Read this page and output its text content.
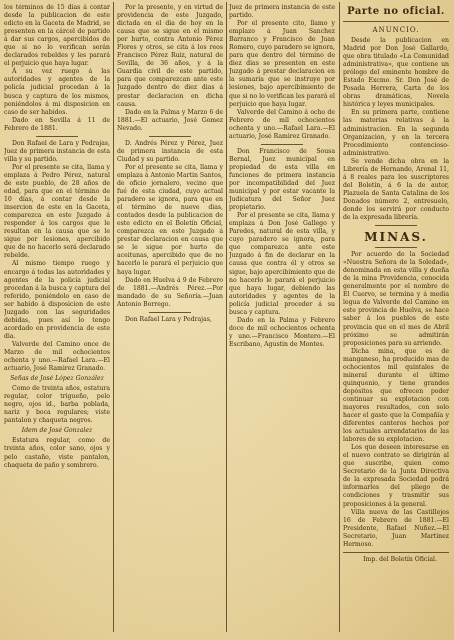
los términos de 15 días á contar desde la publicacion de este edicto en la Gaceta de Madrid, se presenten en la cárcel de partido á dar sus cargos, apercibidos de que si no lo verifican serán declarados rebeldes y les parará el perjuicio que haya lugar.

Á su vez ruego á las autoridades y agentes de la policía judicial procedan á la busca y captura de los mismos, poniéndolos á mi disposicion en caso de ser habidos.

Dado en Sevilla á 11 de Febrero de 1881.

Don Rafael de Lara y Pedrajas, Juez de primera instancia de esta villa y su partido.

Por el presente se cita, llama y emplaza á Pedro Pérez, natural de este pueblo, de 28 años de edad, para que en el término de 10 días, á contar desde la insercion de este en la Gaceta, comparezca en este Juzgado á responder á los cargos que le resultan en la causa que se le sigue por lesiones, apercibido que de no hacerlo será declarado rebelde.

Al mismo tiempo ruego y encargo á todas las autoridades y agentes de la policía judicial procedan á la busca y captura del referido, poniéndolo en caso de ser habido á disposicion de este Juzgado con las seguridades debidas, pues así lo tengo acordado en providencia de este dia.

Valverde del Camino once de Marzo de mil ochocientos ochenta y uno.—Rafael Lara.—El actuario, José Ramirez Granado.

Señas de José López González

Como de treinta años, estatura regular, color trigueño, pelo negro, ojos id., barba poblada, nariz y boca regulares; viste pantalon y chaqueta negros.

Idem de José Gonzalez

Estatura regular, como de treinta años, color sano, ojos y pelo castaño, viste pantalon, chaqueta de paño y sombrero.

Por la presente, y en virtud de providencia de este Juzgado, dictada en el dia de hoy en la causa que se sigue en el mismo por hurto, contra Antonio Pérez Flores y otros, se cita á los reos Francisco Pérez Ruiz, natural de Sevilla, de 36 años, y á la Guardia civil de este partido, para que comparezcan ante este Juzgado dentro de diez dias á prestar declaracion en dicha causa.

Dado en la Palma y Marzo 6 de 1881.—El actuario, José Gomez Nevado.

D. Andrés Pérez y Pérez, Juez de primera instancia de esta Ciudad y su partido.

Por el presente se cita, llama y emplaza á Antonio Martin Santos, de oficio jornalero, vecino que fué de esta ciudad, cuyo actual paradero se ignora, para que en el término de nueve dias, contados desde la publicacion de este edicto en el Boletín Oficial, comparezca en este Juzgado á prestar declaracion en causa que se le sigue por hurto de aceitunas, apercibido que de no hacerlo le parará el perjuicio que haya lugar.

Dado en Huelva á 9 de Febrero de 1881.—Andrés Pérez.—Por mandado de su Señoría.—Juan Antonio Borrego.

Don Rafael Lara y Pedrajas,

Juez de primera instancia de este partido.

Por el presente cito, llamo y emplazo á Juan Sanchez Barranco y Francisco de Juan Romero, cuyo paradero se ignora, para que dentro del término de diez dias se presenten en este Juzgado á prestar declaracion en la sumaria que se instruye por lesiones, bajo apercibimiento de que si no lo verifican les parará el perjuicio que haya lugar.

Valverde del Camino á ocho de Febrero de mil ochocientos ochenta y uno.—Rafael Lara.—El actuario, José Ramirez Granado.

Don Francisco de Sousa Bernal, Juez municipal en propiedad de esta villa en funciones de primera instancia por incompatibilidad del Juez municipal y por estar vacante la Judicatura del Señor Juez propietario.

Por el presente se cita, llama y emplaza á Don José Gallego y Paredes, natural de esta villa, y cuyo paradero se ignora, para que comparezca ante este Juzgado á fin de declarar en la causa que contra él y otros se sigue, bajo apercibimiento que de no hacerlo le parará el perjuicio que haya lugar, debiendo las autoridades y agentes de la policía judicial proceder á su busca y captura.

Dado en la Palma y Febrero doce de mil ochocientos ochenta y uno.—Francisco Montero.—El Escribano, Agustin de Montes.

Parte no oficial.
ANUNCIO.

Desde la publicacion en Madrid por Don José Gallardo, que obra titulado «La Comunidad administrativa», que contiene un prólogo del eminente hombre de Estado Excmo. Sr. Don José de Posada Herrera, Carta de los obras dramáticas, Novela histórica y leyes municipales.

En su primera parte, contiene las materias relativas á la administracion. En la segunda Organizacion, y en la tercera Procedimiento contencioso-administrativo.

Se vende dicha obra en la Librería de Hernando, Arenal 11, á 8 reales para los suscriptores del Boletín, á 6 la de autor, Plazuela de Santa Catalina de los Donados número 2, entresuelo, donde los servirá por conducto de la expresada librería.

MINAS.

Por acuerdo de la Sociedad «Nuestra Señora de la Soledad», denominada en esta villa y dueña de la mina Providencia, conocida generalmente por el nombre de El Cuervo, se termina y á media legua de Valverde del Camino en este provincia de Huelva, se hace saber á los pueblos de este provincia que en el mes de Abril próximo se admitirán proposiciones para su arriendo.

Dicha mina, que es de manganeso, ha producido mas de ochocientos mil quintales de mineral durante el último quinquenio, y tiene grandes depósitos que ofrecen poder continuar su explotacion con mayores resultados, con solo hacer el gasto que la Compañía y diferentes canteros hechos por los actuales arrendatarios de las labores de su explotacion.

Los que deseen interesarse en el nuevo contrato se dirigirán al que suscribe, quien como Secretario de la Junta Directiva de la expresada Sociedad podrá informarles del pliego de condiciones y trasmitir sus proposiciones á la general.

Villa nueva de las Castillejos 16 de Febrero de 1881.—El Presidente, Rafael Nuñez.—El Secretario, Juan Martinez Hermoso.

Imp. del Boletín Oficial.
